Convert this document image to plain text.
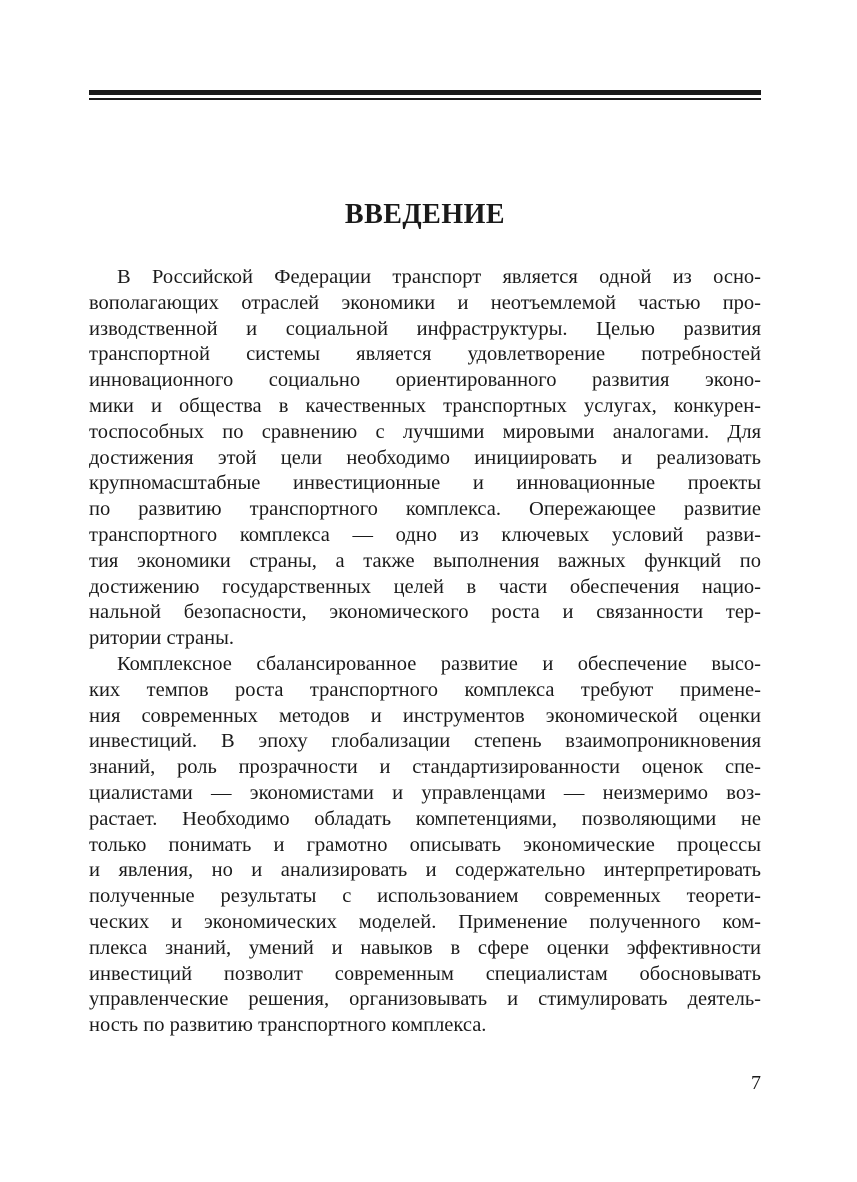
ВВЕДЕНИЕ
В Российской Федерации транспорт является одной из осно-
вополагающих отраслей экономики и неотъемлемой частью про-
изводственной и социальной инфраструктуры. Целью развития
транспортной системы является удовлетворение потребностей
инновационного социально ориентированного развития эконо-
мики и общества в качественных транспортных услугах, конкурен-
тоспособных по сравнению с лучшими мировыми аналогами. Для
достижения этой цели необходимо инициировать и реализовать
крупномасштабные инвестиционные и инновационные проекты
по развитию транспортного комплекса. Опережающее развитие
транспортного комплекса — одно из ключевых условий разви-
тия экономики страны, а также выполнения важных функций по
достижению государственных целей в части обеспечения нацио-
нальной безопасности, экономического роста и связанности тер-
ритории страны.
Комплексное сбалансированное развитие и обеспечение высо-
ких темпов роста транспортного комплекса требуют примене-
ния современных методов и инструментов экономической оценки
инвестиций. В эпоху глобализации степень взаимопроникновения
знаний, роль прозрачности и стандартизированности оценок спе-
циалистами — экономистами и управленцами — неизмеримо воз-
растает. Необходимо обладать компетенциями, позволяющими не
только понимать и грамотно описывать экономические процессы
и явления, но и анализировать и содержательно интерпретировать
полученные результаты с использованием современных теорети-
ческих и экономических моделей. Применение полученного ком-
плекса знаний, умений и навыков в сфере оценки эффективности
инвестиций позволит современным специалистам обосновывать
управленческие решения, организовывать и стимулировать деятель-
ность по развитию транспортного комплекса.
7
